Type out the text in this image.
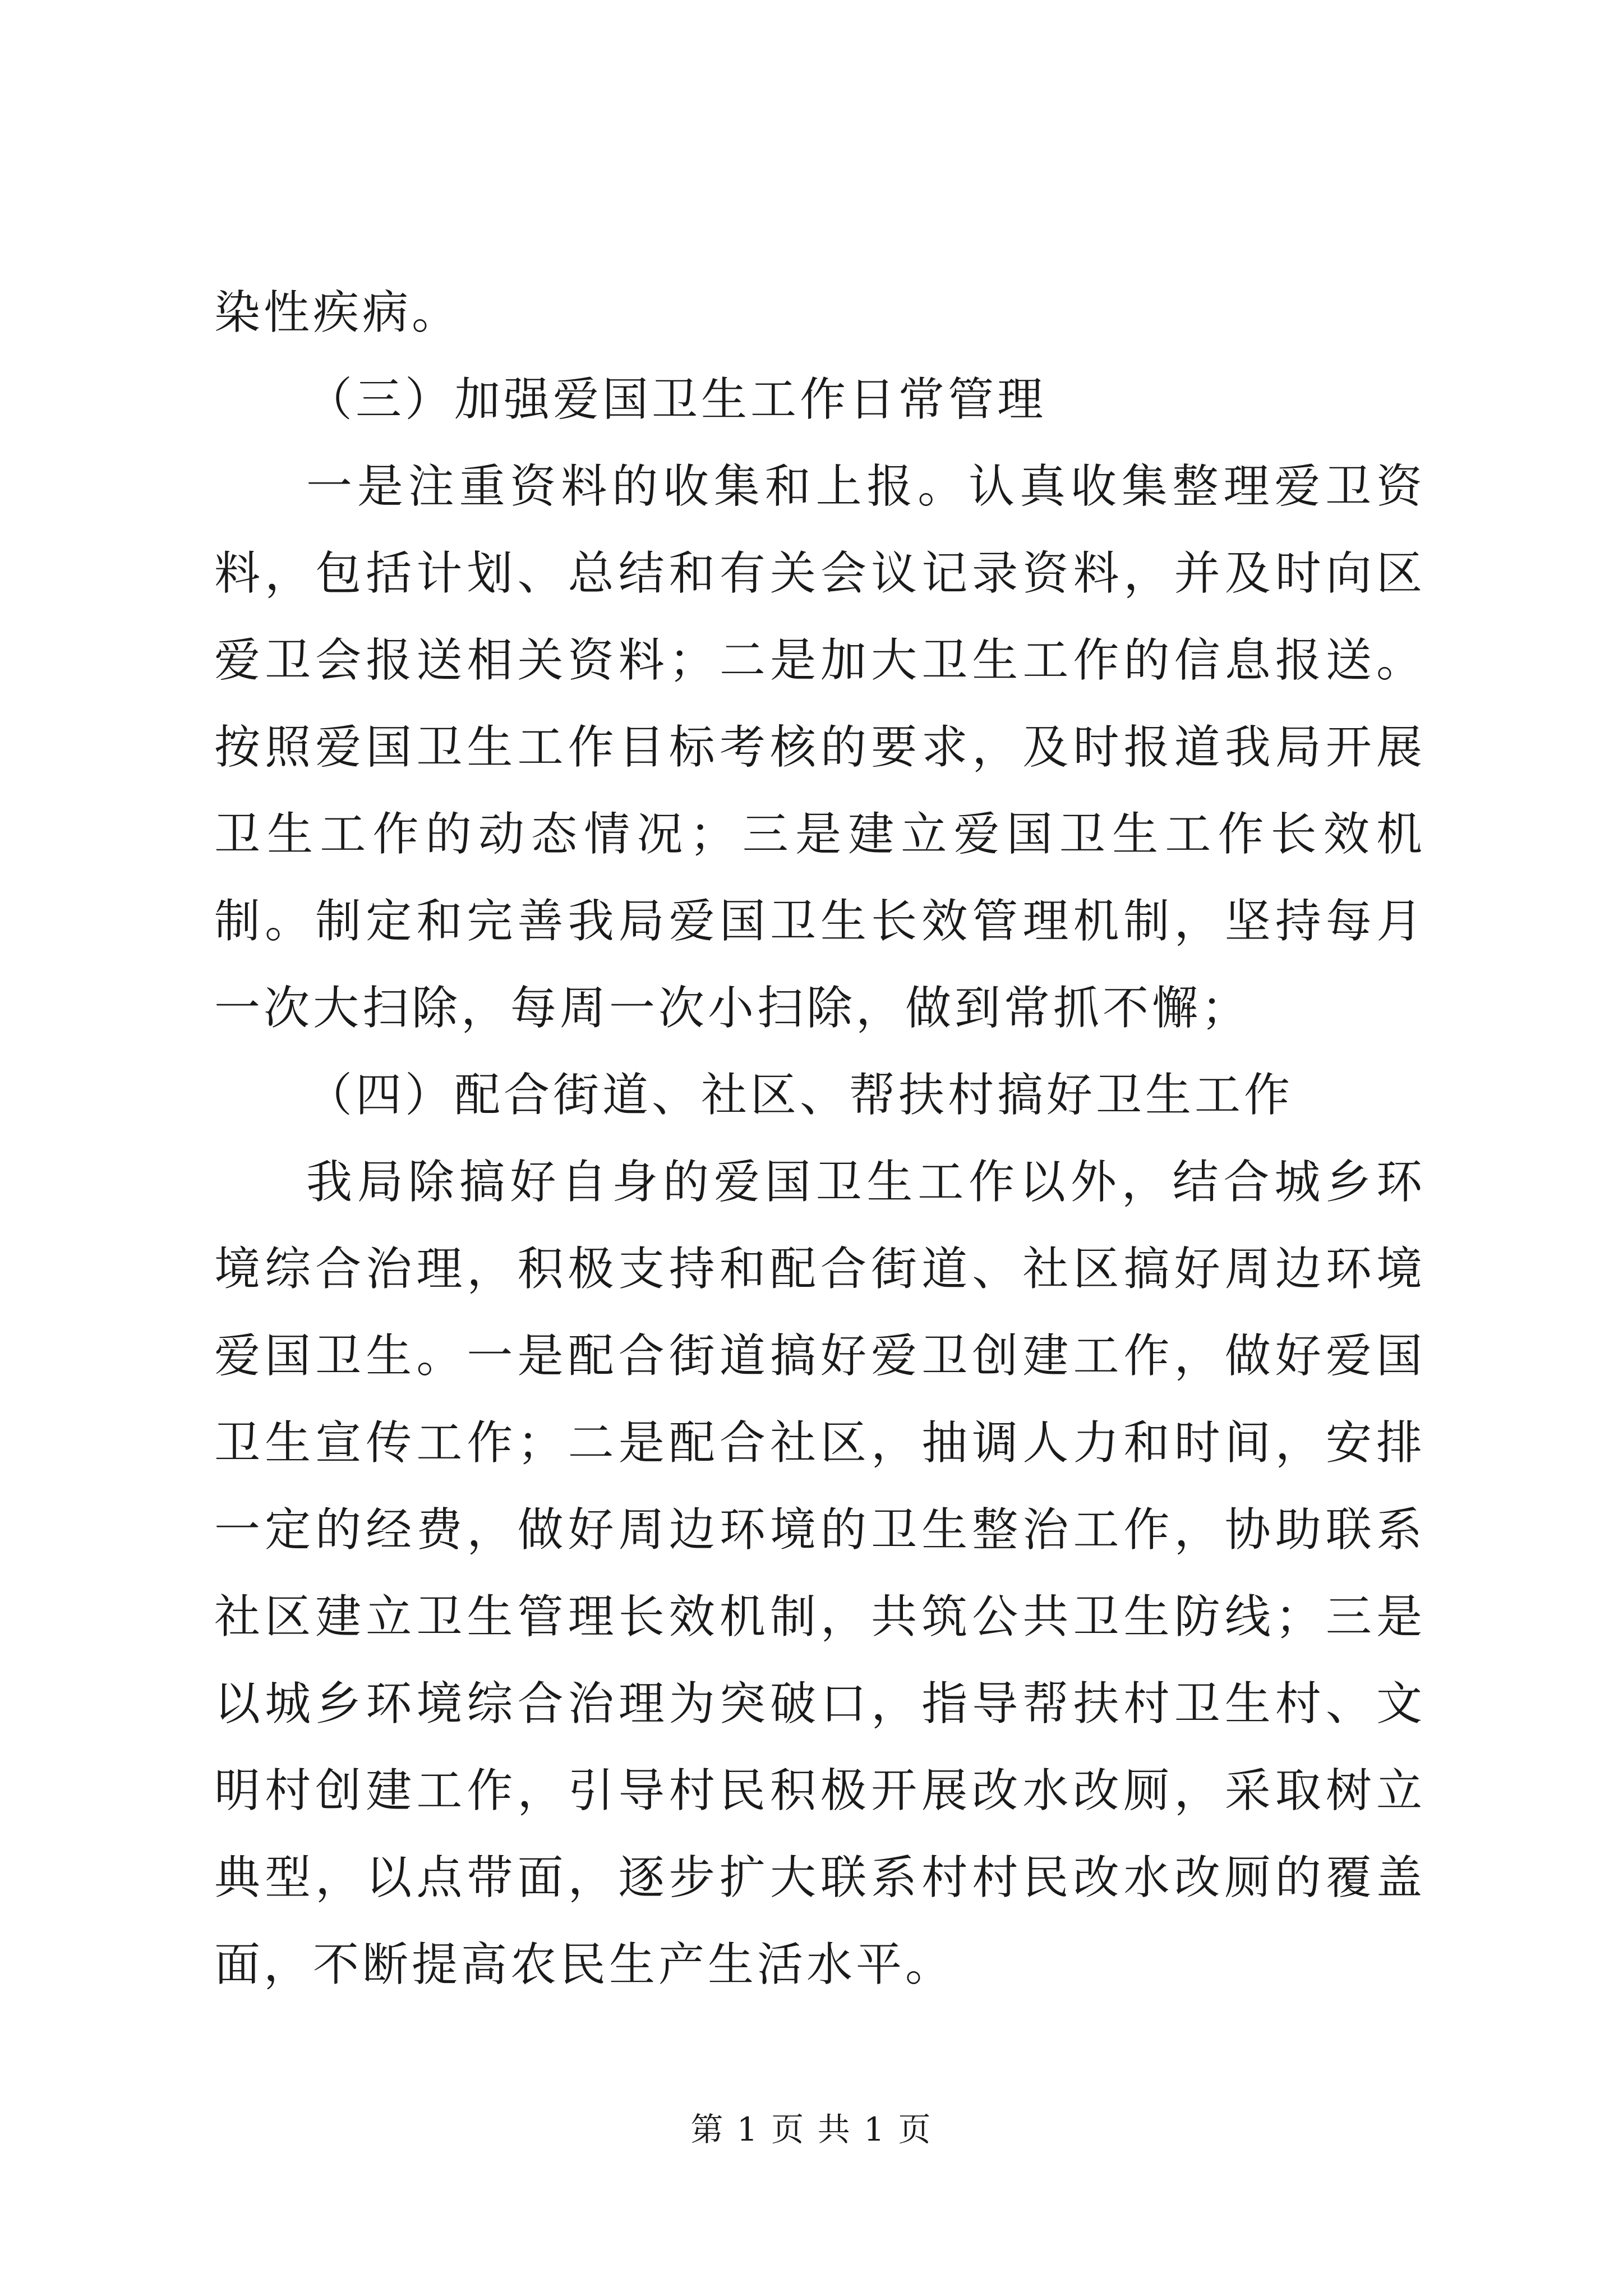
染性疾病。

（三）加强爱国卫生工作日常管理

一是注重资料的收集和上报。认真收集整理爱卫资料，包括计划、总结和有关会议记录资料，并及时向区爱卫会报送相关资料；二是加大卫生工作的信息报送。按照爱国卫生工作目标考核的要求，及时报道我局开展卫生工作的动态情况；三是建立爱国卫生工作长效机制。制定和完善我局爱国卫生长效管理机制，坚持每月一次大扫除，每周一次小扫除，做到常抓不懈；

（四）配合街道、社区、帮扶村搞好卫生工作

我局除搞好自身的爱国卫生工作以外，结合城乡环境综合治理，积极支持和配合街道、社区搞好周边环境爱国卫生。一是配合街道搞好爱卫创建工作，做好爱国卫生宣传工作；二是配合社区，抽调人力和时间，安排一定的经费，做好周边环境的卫生整治工作，协助联系社区建立卫生管理长效机制，共筑公共卫生防线；三是以城乡环境综合治理为突破口，指导帮扶村卫生村、文明村创建工作，引导村民积极开展改水改厕，采取树立典型，以点带面，逐步扩大联系村村民改水改厕的覆盖面，不断提高农民生产生活水平。

第 1 页 共 1 页
